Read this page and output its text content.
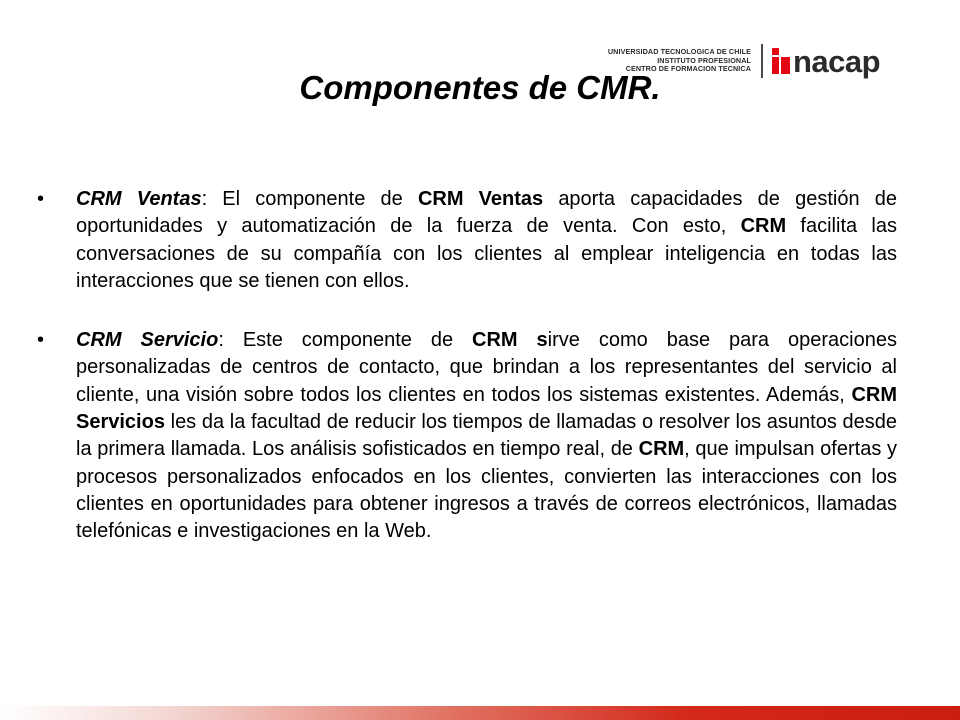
UNIVERSIDAD TECNOLOGICA DE CHILE
INSTITUTO PROFESIONAL
CENTRO DE FORMACION TECNICA nacap
Componentes de CMR.
•	CRM Ventas: El componente de CRM Ventas aporta capacidades de gestión de oportunidades y automatización de la fuerza de venta. Con esto, CRM facilita las conversaciones de su compañía con los clientes al emplear inteligencia en todas las interacciones que se tienen con ellos.
•	CRM Servicio: Este componente de CRM sirve como base para operaciones personalizadas de centros de contacto, que brindan a los representantes del servicio al cliente, una visión sobre todos los clientes en todos los sistemas existentes. Además, CRM Servicios les da la facultad de reducir los tiempos de llamadas o resolver los asuntos desde la primera llamada. Los análisis sofisticados en tiempo real, de CRM, que impulsan ofertas y procesos personalizados enfocados en los clientes, convierten las interacciones con los clientes en oportunidades para obtener ingresos a través de correos electrónicos, llamadas telefónicas e investigaciones en la Web.
